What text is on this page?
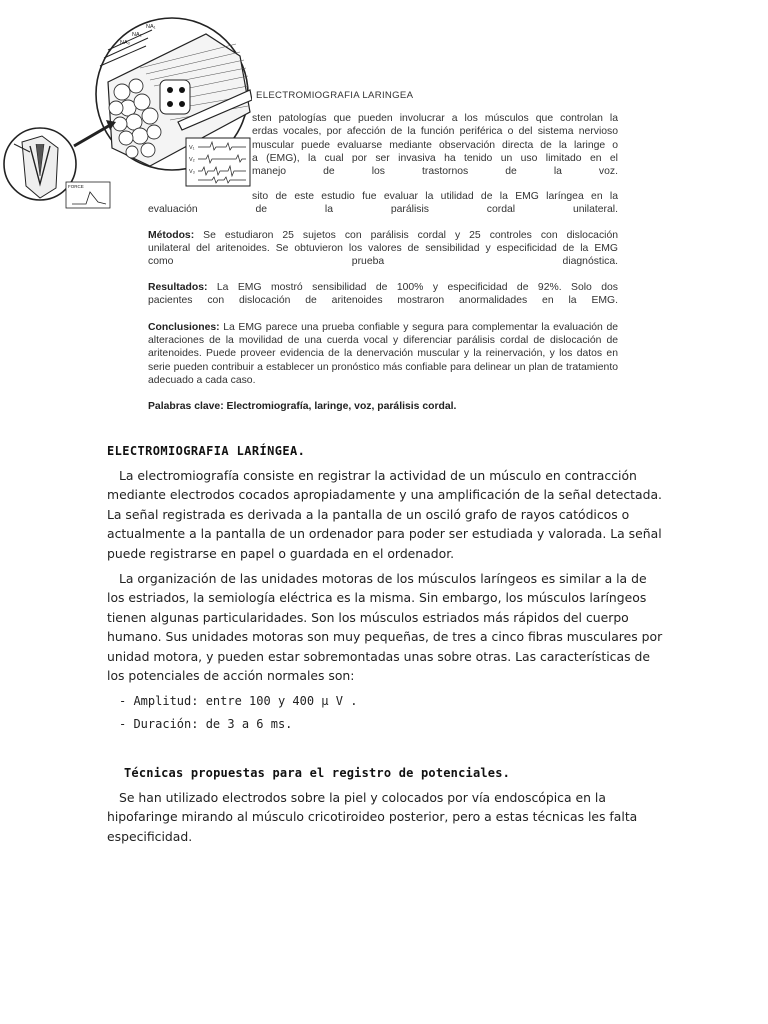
NA₁
NA₂
NA₃
V₁
V₂
V₃
FORCE
ELECTROMIOGRAFIA LARINGEA
sten patologías que pueden involucrar a los músculos que controlan la
erdas vocales, por afección de la función periférica o del sistema nervioso
muscular puede evaluarse mediante observación directa de la laringe o
a (EMG), la cual por ser invasiva ha tenido un uso limitado en el
manejo de los trastornos de la voz.
sito de este estudio fue evaluar la utilidad de la EMG laríngea en la
evaluación de la parálisis cordal unilateral.
Métodos: Se estudiaron 25 sujetos con parálisis cordal y 25 controles con dislocación
unilateral del aritenoides. Se obtuvieron los valores de sensibilidad y especificidad de la EMG
como prueba diagnóstica.
Resultados: La EMG mostró sensibilidad de 100% y especificidad de 92%. Solo dos
pacientes con dislocación de aritenoides mostraron anormalidades en la EMG.
Conclusiones: La EMG parece una prueba confiable y segura para complementar la evaluación de alteraciones de la movilidad de una cuerda vocal y diferenciar parálisis cordal de dislocación de aritenoides. Puede proveer evidencia de la denervación muscular y la reinervación, y los datos en serie pueden contribuir a establecer un pronóstico más confiable para delinear un plan de tratamiento adecuado a cada caso.
Palabras clave: Electromiografía, laringe, voz, parálisis cordal.
ELECTROMIOGRAFIA LARÍNGEA.

La electromiografía consiste en registrar la actividad de un músculo en contracción mediante electrodos cocados apropiadamente y una amplificación de la señal detectada. La señal registrada es derivada a la pantalla de un osciló grafo de rayos catódicos o actualmente a la pantalla de un ordenador para poder ser estudiada y valorada. La señal puede registrarse en papel o guardada en el ordenador.

La organización de las unidades motoras de los músculos laríngeos es similar a la de los estriados, la semiología eléctrica es la misma. Sin embargo, los músculos laríngeos tienen algunas particularidades. Son los músculos estriados más rápidos del cuerpo humano. Sus unidades motoras son muy pequeñas, de tres a cinco fibras musculares por unidad motora, y pueden estar sobremontadas unas sobre otras. Las características de los potenciales de acción normales son:

- Amplitud: entre 100 y 400 µ V .
- Duración: de 3 a 6 ms.
Técnicas propuestas para el registro de potenciales.

Se han utilizado electrodos sobre la piel y colocados por vía endoscópica en la hipofaringe mirando al músculo cricotiroideo posterior, pero a estas técnicas les falta especificidad.
